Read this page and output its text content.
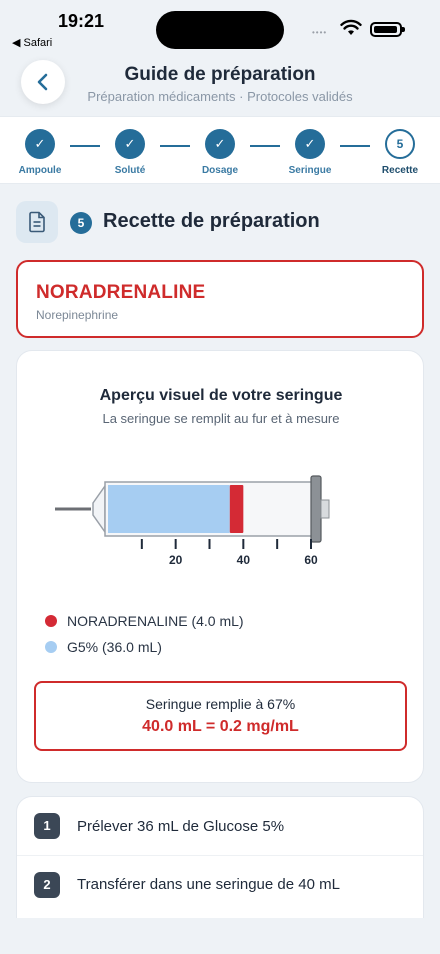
19:21
◀ Safari
••••
Guide de préparation
Préparation médicaments · Protocoles validés
✓
Ampoule
✓
Soluté
✓
Dosage
✓
Seringue
5
Recette
5 Recette de préparation
NORADRENALINE
Norepinephrine
Aperçu visuel de votre seringue
La seringue se remplit au fur et à mesure
20	40	60
NORADRENALINE (4.0 mL)
G5% (36.0 mL)
Seringue remplie à 67%
40.0 mL = 0.2 mg/mL
1	Prélever 36 mL de Glucose 5%
2	Transférer dans une seringue de 40 mL
